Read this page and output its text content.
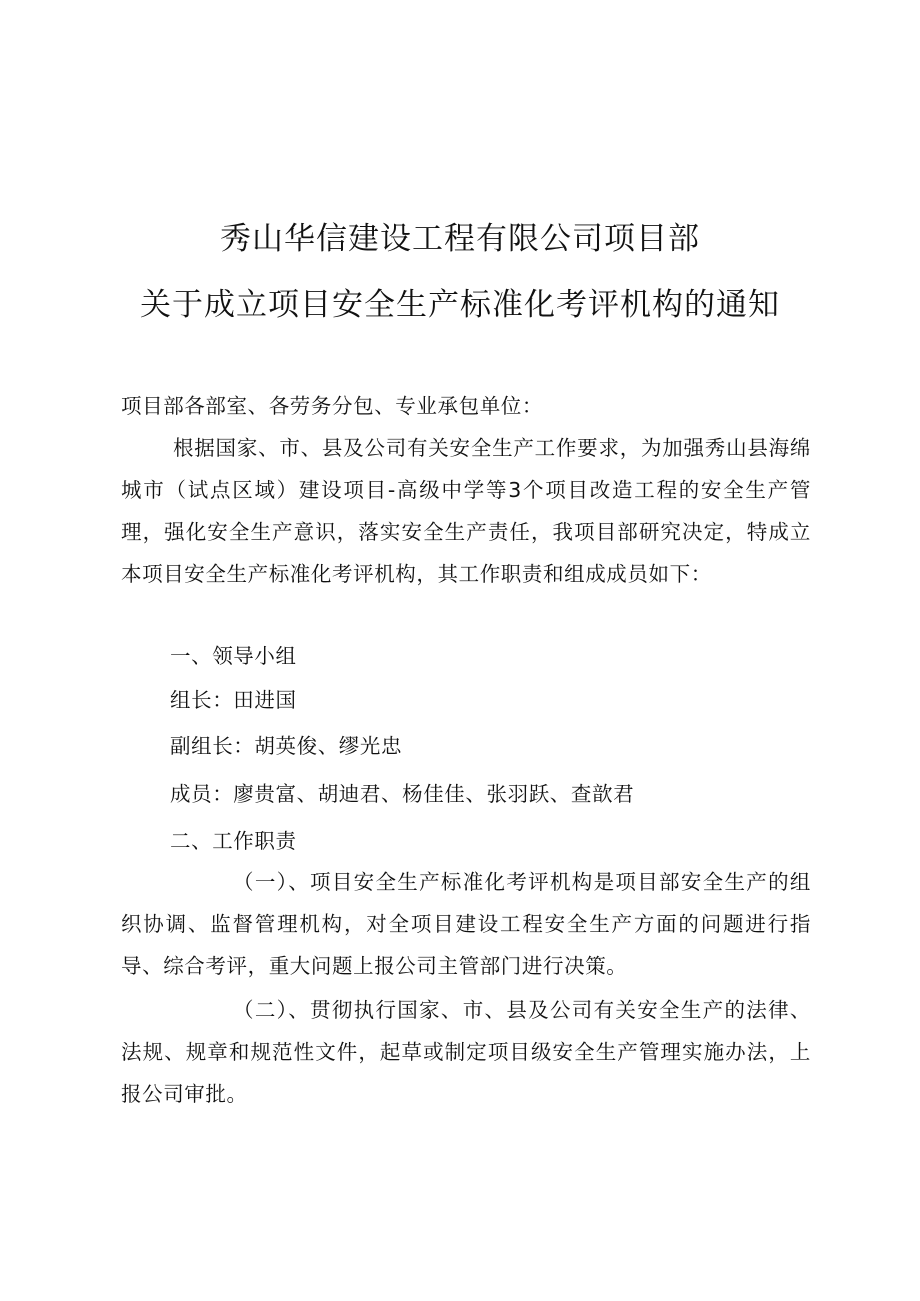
秀山华信建设工程有限公司项目部
关于成立项目安全生产标准化考评机构的通知
项目部各部室、各劳务分包、专业承包单位：
根据国家、市、县及公司有关安全生产工作要求，为加强秀山县海绵城市（试点区域）建设项目-高级中学等3个项目改造工程的安全生产管理，强化安全生产意识，落实安全生产责任，我项目部研究决定，特成立本项目安全生产标准化考评机构，其工作职责和组成成员如下：
一、领导小组
组长：田进国
副组长：胡英俊、缪光忠
成员：廖贵富、胡迪君、杨佳佳、张羽跃、查歆君
二、工作职责
（一）、项目安全生产标准化考评机构是项目部安全生产的组织协调、监督管理机构，对全项目建设工程安全生产方面的问题进行指导、综合考评，重大问题上报公司主管部门进行决策。
（二）、贯彻执行国家、市、县及公司有关安全生产的法律、法规、规章和规范性文件，起草或制定项目级安全生产管理实施办法，上报公司审批。
